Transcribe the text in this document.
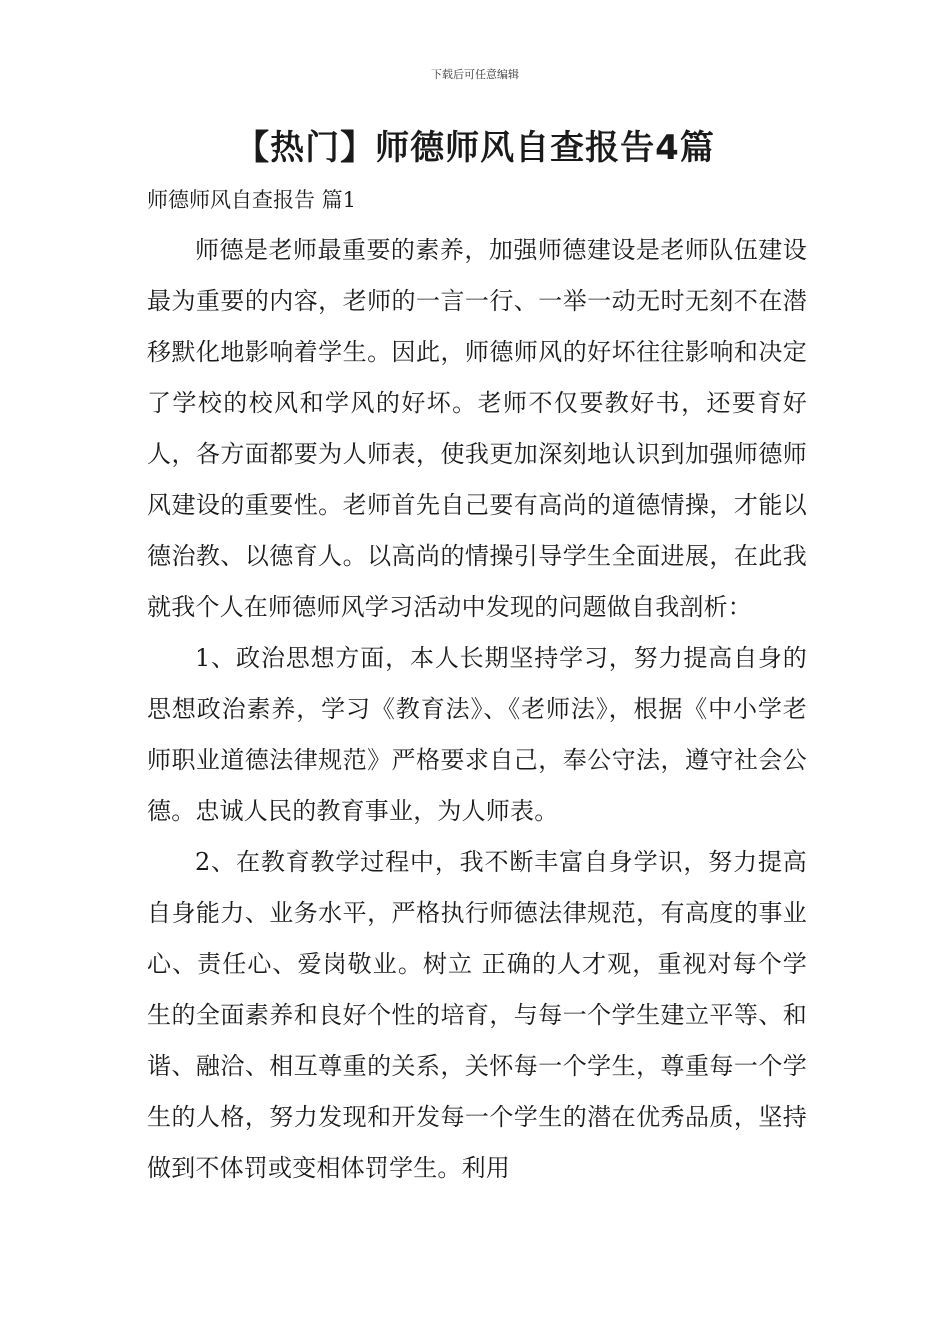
下载后可任意编辑
【热门】师德师风自查报告4篇
师德师风自查报告 篇1

师德是老师最重要的素养，加强师德建设是老师队伍建设最为重要的内容，老师的一言一行、一举一动无时无刻不在潜移默化地影响着学生。因此，师德师风的好坏往往影响和决定了学校的校风和学风的好坏。老师不仅要教好书，还要育好人，各方面都要为人师表，使我更加深刻地认识到加强师德师风建设的重要性。老师首先自己要有高尚的道德情操，才能以德治教、以德育人。以高尚的情操引导学生全面进展，在此我就我个人在师德师风学习活动中发现的问题做自我剖析：

1、政治思想方面，本人长期坚持学习，努力提高自身的思想政治素养，学习《教育法》、《老师法》，根据《中小学老师职业道德法律规范》严格要求自己，奉公守法，遵守社会公德。忠诚人民的教育事业，为人师表。

2、在教育教学过程中，我不断丰富自身学识，努力提高自身能力、业务水平，严格执行师德法律规范，有高度的事业心、责任心、爱岗敬业。树立 正确的人才观，重视对每个学生的全面素养和良好个性的培育，与每一个学生建立平等、和谐、融洽、相互尊重的关系，关怀每一个学生，尊重每一个学生的人格，努力发现和开发每一个学生的潜在优秀品质，坚持做到不体罚或变相体罚学生。利用
